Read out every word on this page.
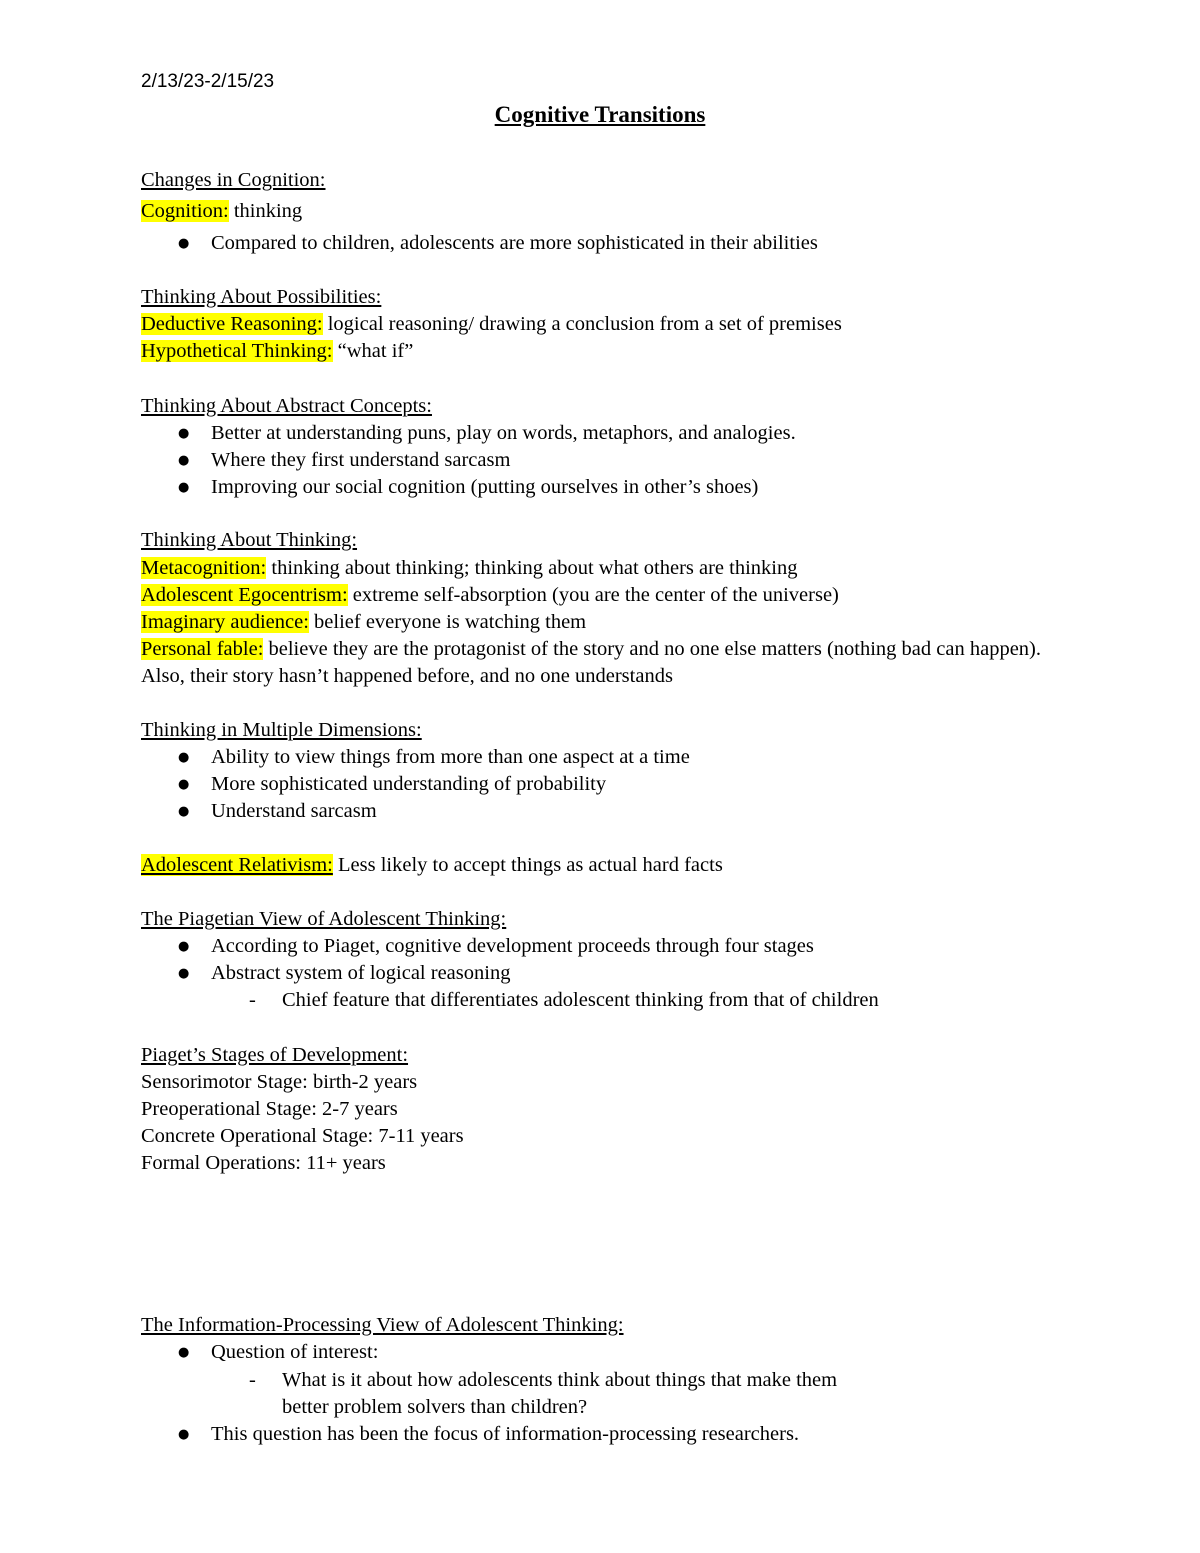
2/13/23-2/15/23
Cognitive Transitions
Changes in Cognition:
Cognition: thinking
● Compared to children, adolescents are more sophisticated in their abilities
Thinking About Possibilities:
Deductive Reasoning: logical reasoning/ drawing a conclusion from a set of premises
Hypothetical Thinking: “what if”
Thinking About Abstract Concepts:
● Better at understanding puns, play on words, metaphors, and analogies.
● Where they first understand sarcasm
● Improving our social cognition (putting ourselves in other’s shoes)
Thinking About Thinking:
Metacognition: thinking about thinking; thinking about what others are thinking
Adolescent Egocentrism: extreme self-absorption (you are the center of the universe)
Imaginary audience: belief everyone is watching them
Personal fable: believe they are the protagonist of the story and no one else matters (nothing bad can happen).
Also, their story hasn’t happened before, and no one understands
Thinking in Multiple Dimensions:
● Ability to view things from more than one aspect at a time
● More sophisticated understanding of probability
● Understand sarcasm
Adolescent Relativism: Less likely to accept things as actual hard facts
The Piagetian View of Adolescent Thinking:
● According to Piaget, cognitive development proceeds through four stages
● Abstract system of logical reasoning
- Chief feature that differentiates adolescent thinking from that of children
Piaget’s Stages of Development:
Sensorimotor Stage: birth-2 years
Preoperational Stage: 2-7 years
Concrete Operational Stage: 7-11 years
Formal Operations: 11+ years
The Information-Processing View of Adolescent Thinking:
● Question of interest:
- What is it about how adolescents think about things that make them
better problem solvers than children?
● This question has been the focus of information-processing researchers.
